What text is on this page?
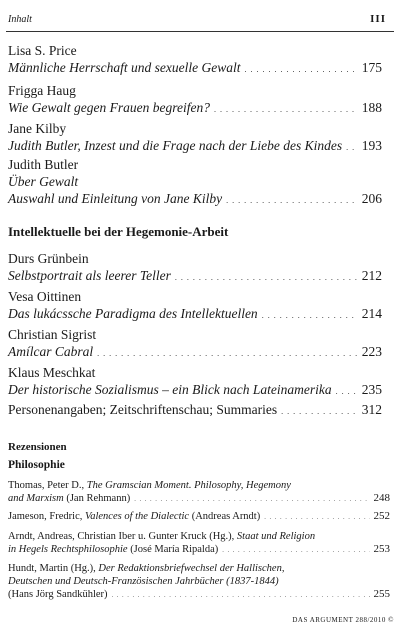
Inhalt	III
Lisa S. Price
Männliche Herrschaft und sexuelle Gewalt . . .	175
Frigga Haug
Wie Gewalt gegen Frauen begreifen? . . .	188
Jane Kilby
Judith Butler, Inzest und die Frage nach der Liebe des Kindes . . . 193
Judith Butler
Über Gewalt
Auswahl und Einleitung von Jane Kilby . . .	206
Intellektuelle bei der Hegemonie-Arbeit
Durs Grünbein
Selbstportrait als leerer Teller . . .	212
Vesa Oittinen
Das lukácssche Paradigma des Intellektuellen . . .	214
Christian Sigrist
Amílcar Cabral . . .	223
Klaus Meschkat
Der historische Sozialismus – ein Blick nach Lateinamerika . . . 235
Personenangaben; Zeitschriftenschau; Summaries . . .	312
Rezensionen
Philosophie
Thomas, Peter D., The Gramscian Moment. Philosophy, Hegemony
and Marxism (Jan Rehmann) . . .	248
Jameson, Fredric, Valences of the Dialectic (Andreas Arndt) . . .	252
Arndt, Andreas, Christian Iber u. Gunter Kruck (Hg.), Staat und Religion
in Hegels Rechtsphilosophie (José María Ripalda) . . .	253
Hundt, Martin (Hg.), Der Redaktionsbriefwechsel der Hallischen,
Deutschen und Deutsch-Französischen Jahrbücher (1837-1844)
(Hans Jörg Sandkühler) . . .	255
DAS ARGUMENT 288/2010 ©
